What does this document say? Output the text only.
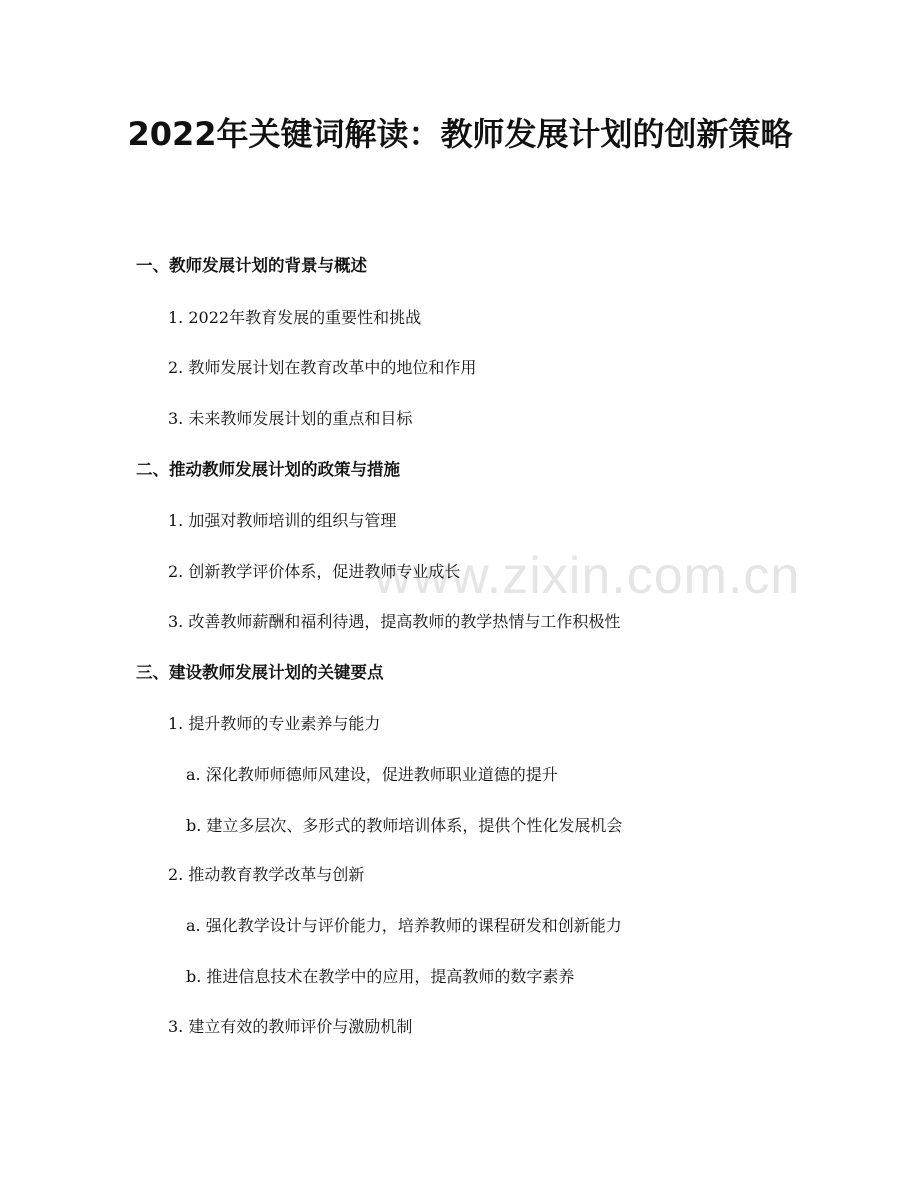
2022年关键词解读：教师发展计划的创新策略
www.zixin.com.cn
一、教师发展计划的背景与概述
1. 2022年教育发展的重要性和挑战
2. 教师发展计划在教育改革中的地位和作用
3. 未来教师发展计划的重点和目标
二、推动教师发展计划的政策与措施
1. 加强对教师培训的组织与管理
2. 创新教学评价体系，促进教师专业成长
3. 改善教师薪酬和福利待遇，提高教师的教学热情与工作积极性
三、建设教师发展计划的关键要点
1. 提升教师的专业素养与能力
a. 深化教师师德师风建设，促进教师职业道德的提升
b. 建立多层次、多形式的教师培训体系，提供个性化发展机会
2. 推动教育教学改革与创新
a. 强化教学设计与评价能力，培养教师的课程研发和创新能力
b. 推进信息技术在教学中的应用，提高教师的数字素养
3. 建立有效的教师评价与激励机制
